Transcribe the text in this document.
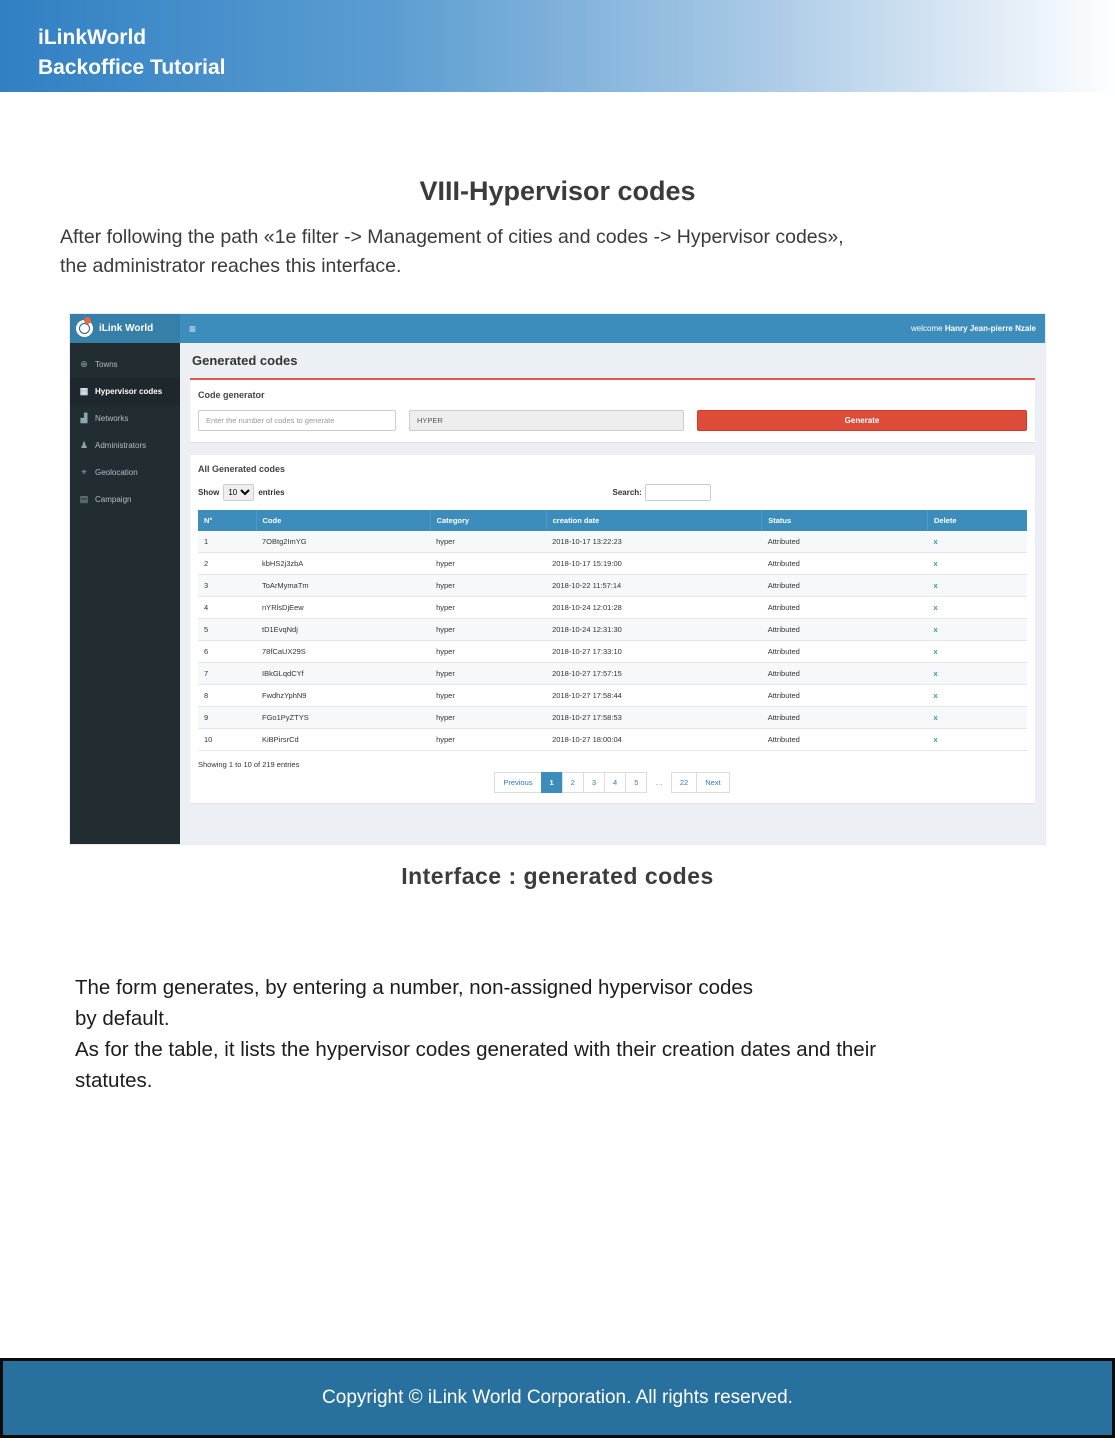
iLinkWorld
Backoffice Tutorial
VIII-Hypervisor codes

After following the path «1e filter -> Management of cities and codes -> Hypervisor codes»,
the administrator reaches this interface.

iLink World	≡	welcome Hanry Jean-pierre Nzale
⊕ Towns
▦ Hypervisor codes
▟ Networks
♟ Administrators
⌖	Geolocation
▤ Campaign
Generated codes
Code generator
Enter the number of codes to generate
HYPER
Generate
All Generated codes
Show
10	entries	Search:
N°	Code	Category	creation date	Status	Delete
1	7OBtg2ImYG	hyper	2018-10-17 13:22:23	Attributed	x
2	kbHS2j3zbA	hyper	2018-10-17 15:19:00	Attributed	x
3	ToArMymaTm	hyper	2018-10-22 11:57:14	Attributed	x
4	nYRlsDjEew	hyper	2018-10-24 12:01:28	Attributed	x
5	tD1EvqNdj	hyper	2018-10-24 12:31:30	Attributed	x
6	78fCaUX29S	hyper	2018-10-27 17:33:10	Attributed	x
7	IBkGLqdCYf	hyper	2018-10-27 17:57:15	Attributed	x
8	FwdhzYphN9	hyper	2018-10-27 17:58:44	Attributed	x
9	FGo1PyZTYS	hyper	2018-10-27 17:58:53	Attributed	x
10	KiBPirsrCd	hyper	2018-10-27 18:00:04	Attributed	x
Showing 1 to 10 of 219 entries
Previous	1	2	3	4	5	…	22	Next
Interface : generated codes
The form generates, by entering a number, non-assigned hypervisor codes
by default.
As for the table, it lists the hypervisor codes generated with their creation dates and their
statutes.
Copyright © iLink World Corporation. All rights reserved.
